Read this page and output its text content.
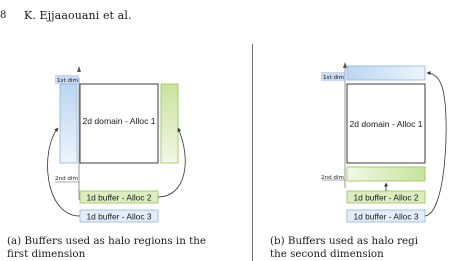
8 K. Ejjaaouani et al.
1st dim
2nd dim
2d domain - Alloc 1
1d buffer - Alloc 2
1d buffer - Alloc 3
1st dim
2nd dim
2d domain - Alloc 1
1d buffer - Alloc 2
1d buffer - Alloc 3
(a) Buffers used as halo regions in the
first dimension
(b) Buffers used as halo regi
the second dimension
